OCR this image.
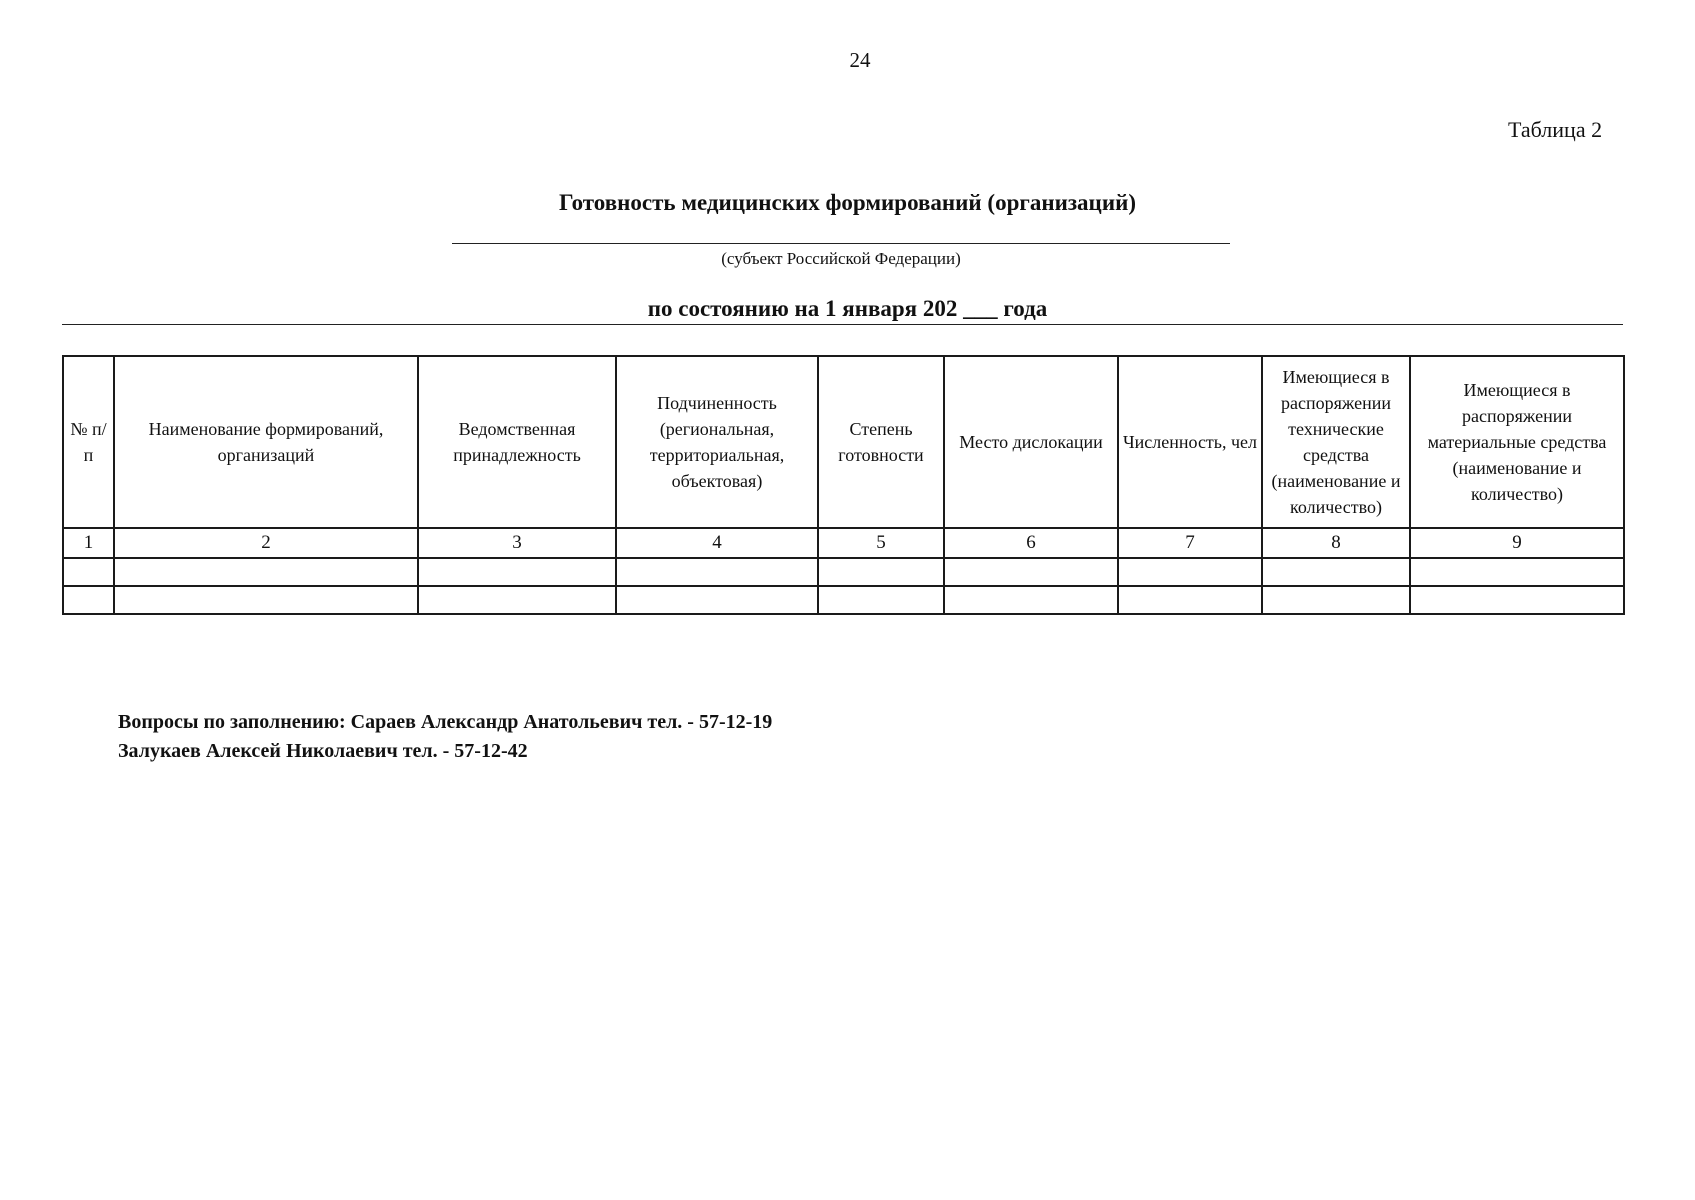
24
Таблица 2
Готовность медицинских формирований (организаций)
(субъект Российской Федерации)
по состоянию на 1 января 202 ___ года
№ п/п	Наименование формирований, организаций	Ведомственная принадлежность	Подчиненность (региональная, территориальная, объектовая)	Степень готовности	Место дислокации	Численность, чел	Имеющиеся в распоряжении технические средства (наименование и количество)	Имеющиеся в распоряжении материальные средства (наименование и количество)
1	2	3	4	5	6	7	8	9

Вопросы по заполнению: Сараев Александр Анатольевич тел. - 57-12-19
Залукаев Алексей Николаевич тел. - 57-12-42
